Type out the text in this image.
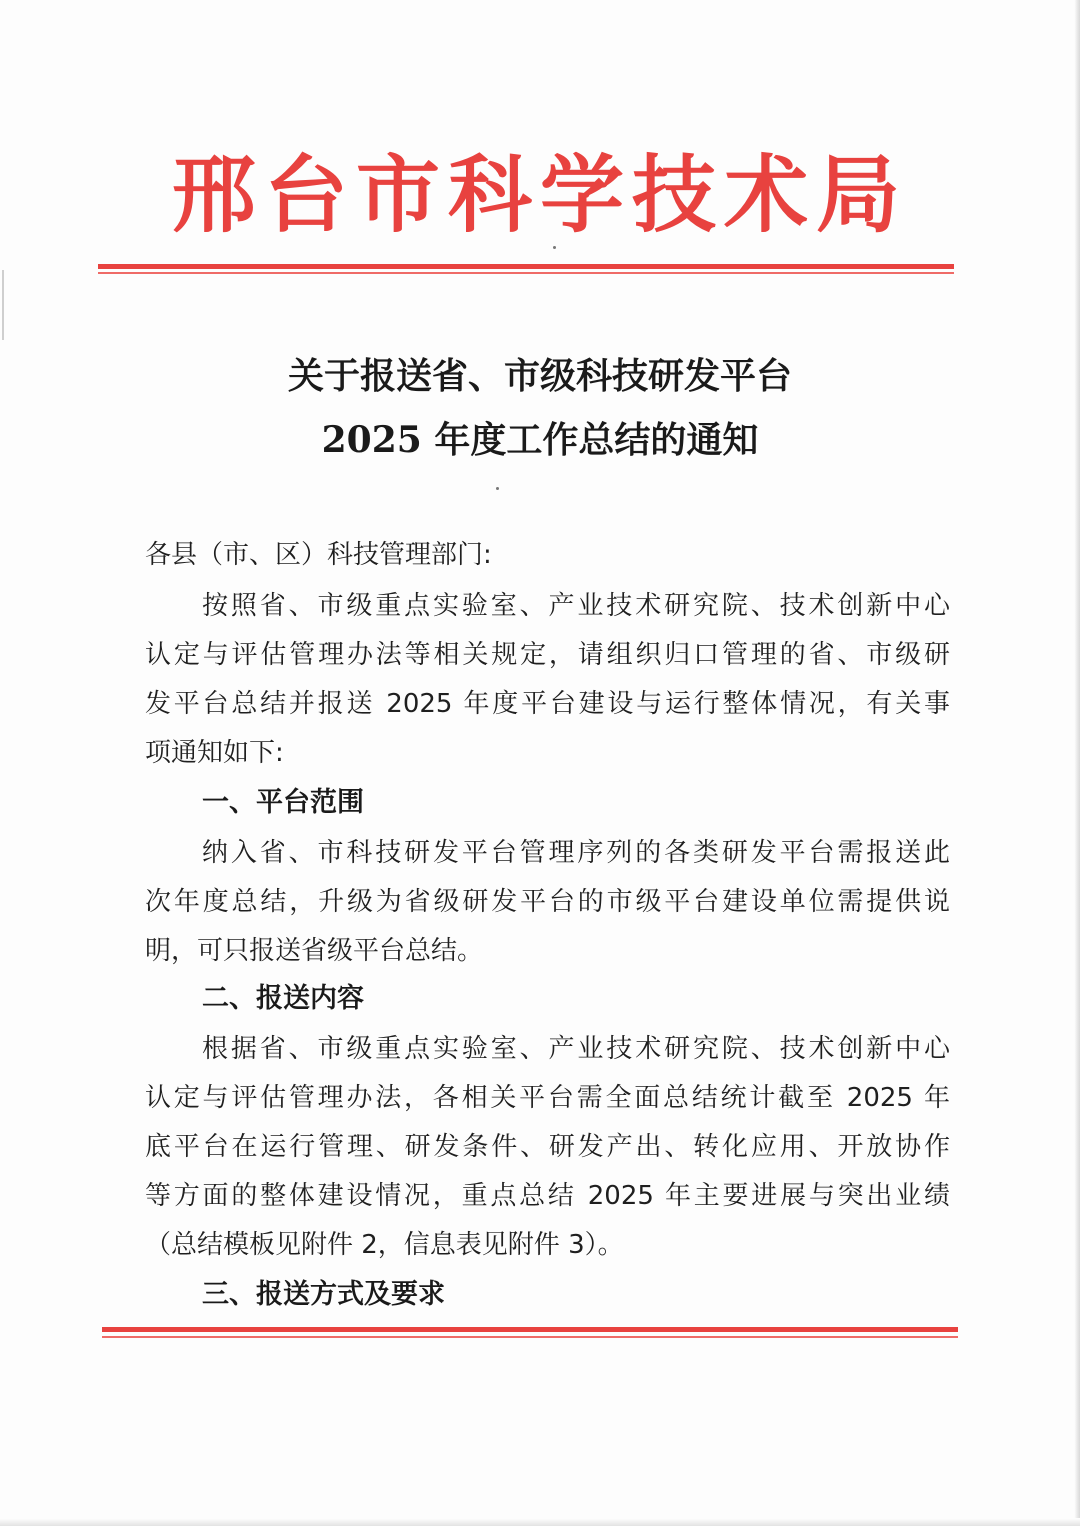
邢台市科学技术局
关于报送省、市级科技研发平台
2025 年度工作总结的通知
各县（市、区）科技管理部门:
按照省、市级重点实验室、产业技术研究院、技术创新中心
认定与评估管理办法等相关规定，请组织归口管理的省、市级研
发平台总结并报送 2025 年度平台建设与运行整体情况，有关事
项通知如下:
一、平台范围
纳入省、市科技研发平台管理序列的各类研发平台需报送此
次年度总结，升级为省级研发平台的市级平台建设单位需提供说
明，可只报送省级平台总结。
二、报送内容
根据省、市级重点实验室、产业技术研究院、技术创新中心
认定与评估管理办法，各相关平台需全面总结统计截至 2025 年
底平台在运行管理、研发条件、研发产出、转化应用、开放协作
等方面的整体建设情况，重点总结 2025 年主要进展与突出业绩
（总结模板见附件 2，信息表见附件 3）。
三、报送方式及要求
